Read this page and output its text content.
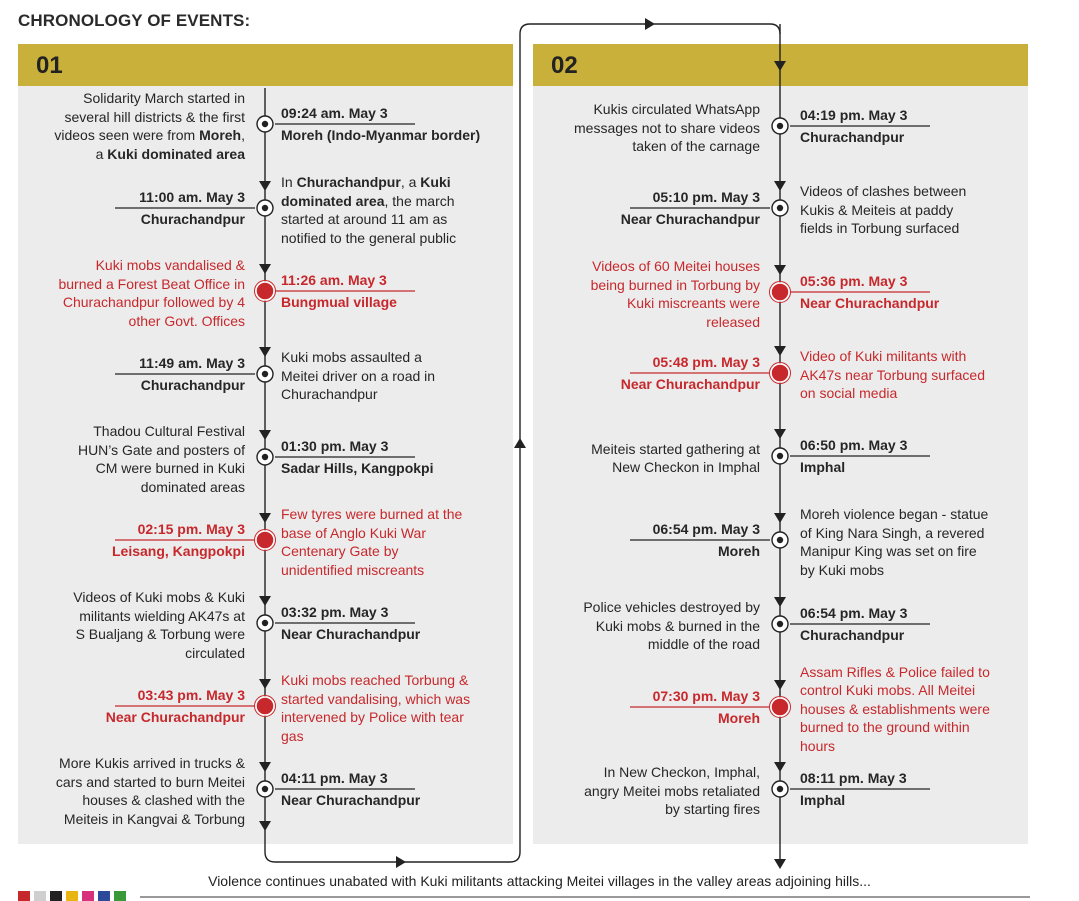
CHRONOLOGY OF EVENTS:
01	02
09:24 am. May 3
Moreh (Indo-Myanmar border)
Solidarity March started in
several hill districts & the first
videos seen were from Moreh,
a Kuki dominated area
11:00 am. May 3
Churachandpur
In Churachandpur, a Kuki
dominated area, the march
started at around 11 am as
notified to the general public
11:26 am. May 3
Bungmual village
Kuki mobs vandalised &
burned a Forest Beat Office in
Churachandpur followed by 4
other Govt. Offices
11:49 am. May 3
Churachandpur
Kuki mobs assaulted a
Meitei driver on a road in
Churachandpur
01:30 pm. May 3
Sadar Hills, Kangpokpi
Thadou Cultural Festival
HUN’s Gate and posters of
CM were burned in Kuki
dominated areas
02:15 pm. May 3
Leisang, Kangpokpi
Few tyres were burned at the
base of Anglo Kuki War
Centenary Gate by
unidentified miscreants
03:32 pm. May 3
Near Churachandpur
Videos of Kuki mobs & Kuki
militants wielding AK47s at
S Bualjang & Torbung were
circulated
03:43 pm. May 3
Near Churachandpur
Kuki mobs reached Torbung &
started vandalising, which was
intervened by Police with tear
gas
04:11 pm. May 3
Near Churachandpur
More Kukis arrived in trucks &
cars and started to burn Meitei
houses & clashed with the
Meiteis in Kangvai & Torbung
04:19 pm. May 3
Churachandpur
Kukis circulated WhatsApp
messages not to share videos
taken of the carnage
05:10 pm. May 3
Near Churachandpur
Videos of clashes between
Kukis & Meiteis at paddy
fields in Torbung surfaced
05:36 pm. May 3
Near Churachandpur
Videos of 60 Meitei houses
being burned in Torbung by
Kuki miscreants were
released
05:48 pm. May 3
Near Churachandpur
Video of Kuki militants with
AK47s near Torbung surfaced
on social media
06:50 pm. May 3
Imphal
Meiteis started gathering at
New Checkon in Imphal
06:54 pm. May 3
Moreh
Moreh violence began - statue
of King Nara Singh, a revered
Manipur King was set on fire
by Kuki mobs
06:54 pm. May 3
Churachandpur
Police vehicles destroyed by
Kuki mobs & burned in the
middle of the road
07:30 pm. May 3
Moreh
Assam Rifles & Police failed to
control Kuki mobs. All Meitei
houses & establishments were
burned to the ground within
hours
08:11 pm. May 3
Imphal
In New Checkon, Imphal,
angry Meitei mobs retaliated
by starting fires
Violence continues unabated with Kuki militants attacking Meitei villages in the valley areas adjoining hills...
